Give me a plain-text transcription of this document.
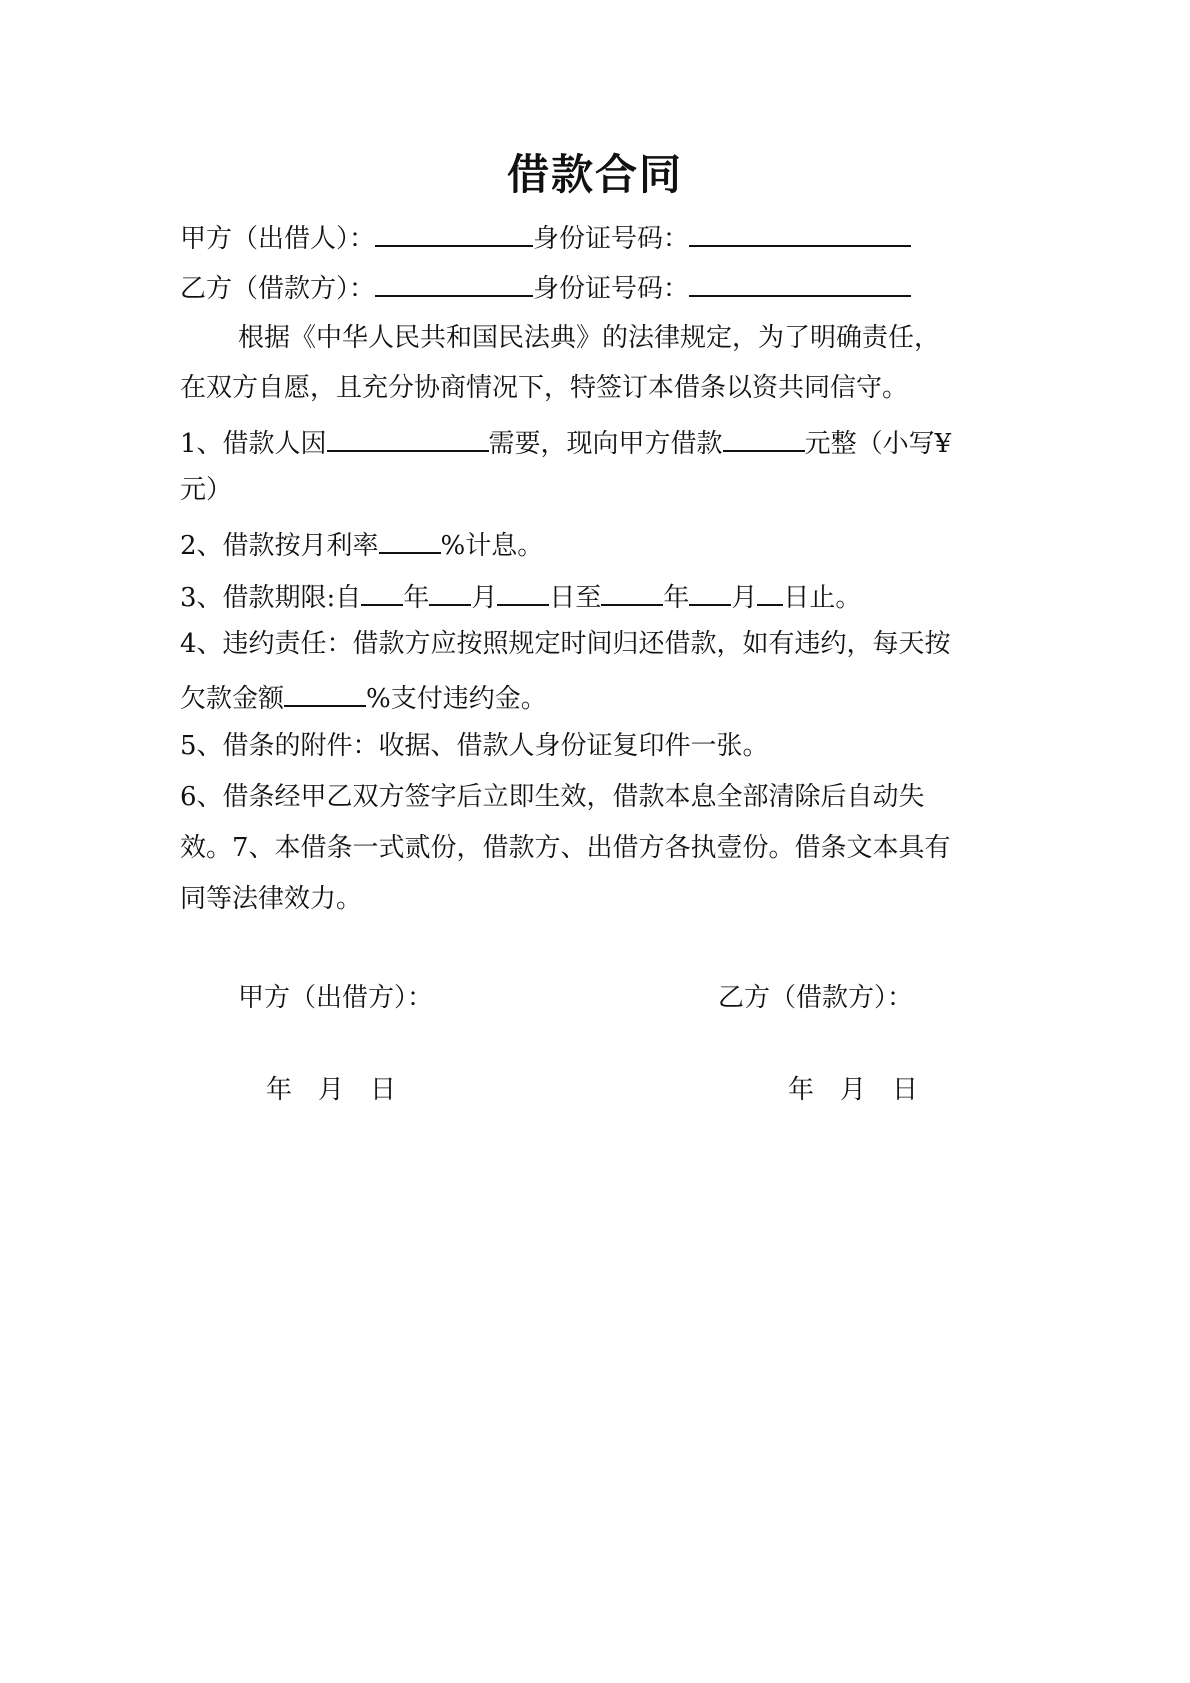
借款合同
甲方（出借人）：	身份证号码：
乙方（借款方）：	身份证号码：
根据《中华人民共和国民法典》的法律规定，为了明确责任，
在双方自愿，且充分协商情况下，特签订本借条以资共同信守。
1、借款人因	需要，现向甲方借款	元整（小写¥
元）
2、借款按月利率 %计息。
3、借款期限:自 年 月 日至 年 月 日止。
4、违约责任：借款方应按照规定时间归还借款，如有违约，每天按
欠款金额	%支付违约金。
5、借条的附件：收据、借款人身份证复印件一张。
6、借条经甲乙双方签字后立即生效，借款本息全部清除后自动失
效。7、本借条一式贰份，借款方、出借方各执壹份。借条文本具有
同等法律效力。
甲方（出借方）：	乙方（借款方）：
年　月　日	年　月　日
